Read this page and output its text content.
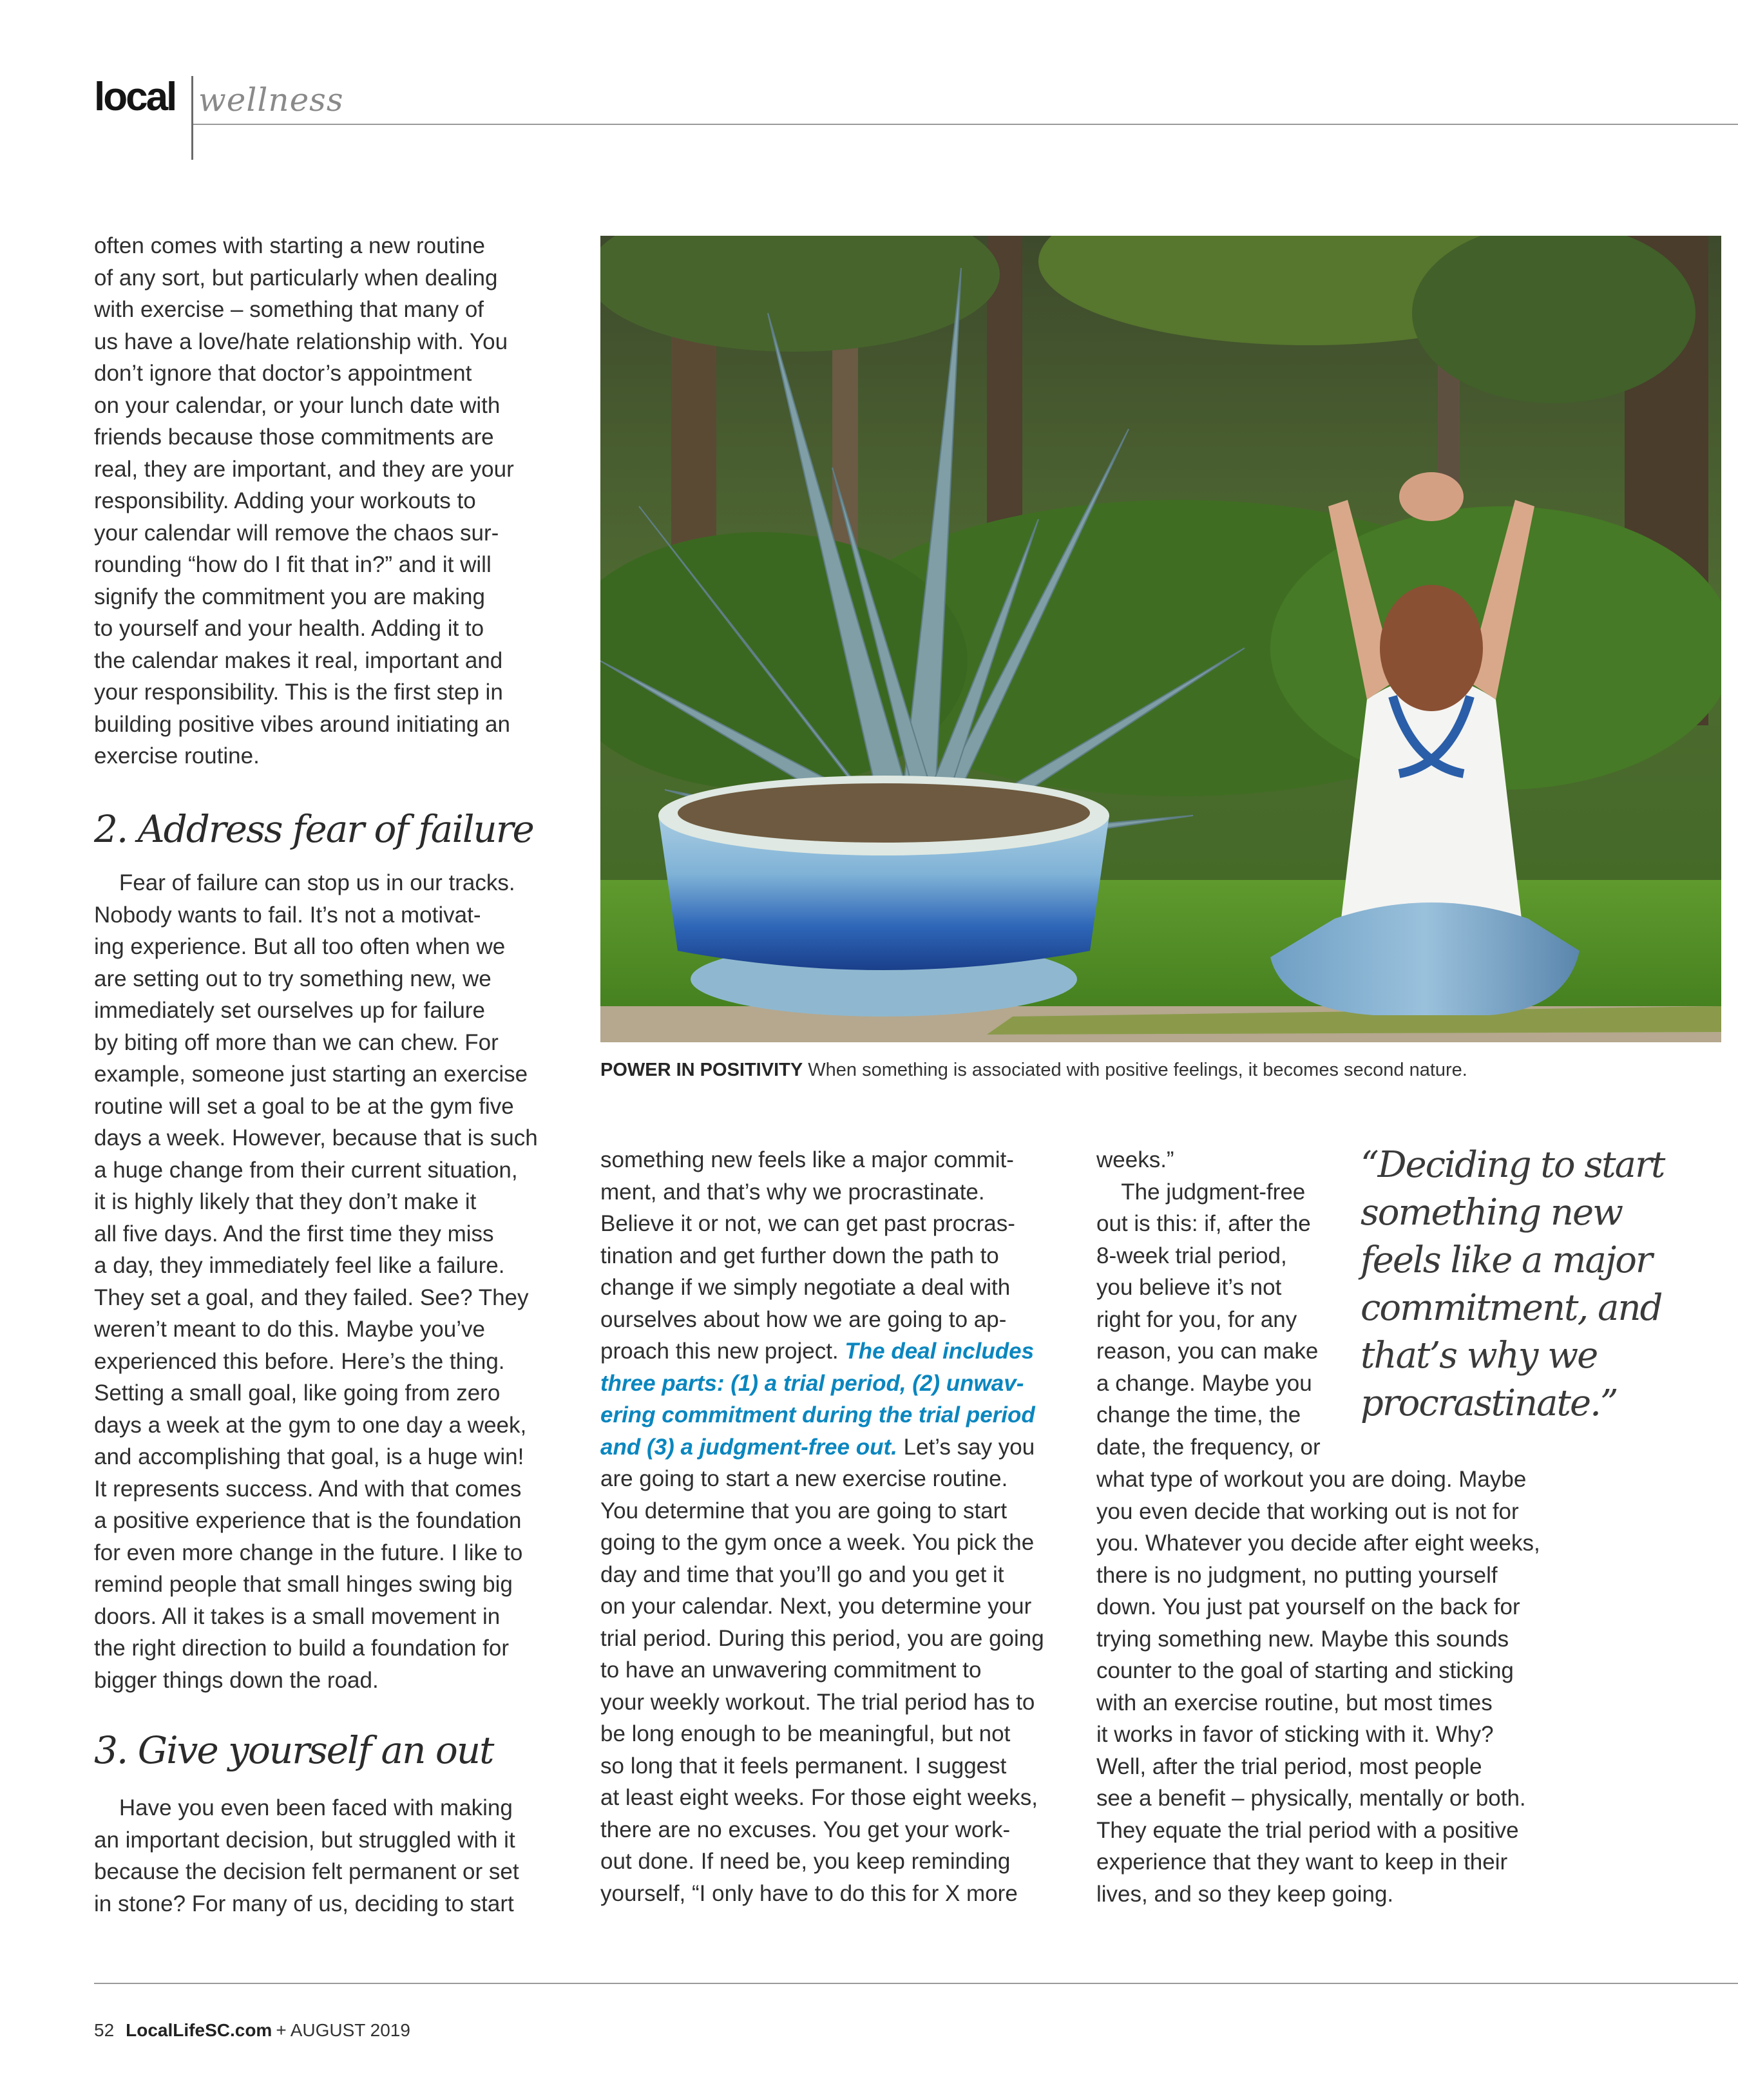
local wellness
often comes with starting a new routine
of any sort, but particularly when dealing
with exercise – something that many of
us have a love/hate relationship with. You
don’t ignore that doctor’s appointment
on your calendar, or your lunch date with
friends because those commitments are
real, they are important, and they are your
responsibility. Adding your workouts to
your calendar will remove the chaos sur-
rounding “how do I fit that in?” and it will
signify the commitment you are making
to yourself and your health. Adding it to
the calendar makes it real, important and
your responsibility. This is the first step in
building positive vibes around initiating an
exercise routine.
2. Address fear of failure
Fear of failure can stop us in our tracks.
Nobody wants to fail. It’s not a motivat-
ing experience. But all too often when we
are setting out to try something new, we
immediately set ourselves up for failure
by biting off more than we can chew. For
example, someone just starting an exercise
routine will set a goal to be at the gym five
days a week. However, because that is such
a huge change from their current situation,
it is highly likely that they don’t make it
all five days. And the first time they miss
a day, they immediately feel like a failure.
They set a goal, and they failed. See? They
weren’t meant to do this. Maybe you’ve
experienced this before. Here’s the thing.
Setting a small goal, like going from zero
days a week at the gym to one day a week,
and accomplishing that goal, is a huge win!
It represents success. And with that comes
a positive experience that is the foundation
for even more change in the future. I like to
remind people that small hinges swing big
doors. All it takes is a small movement in
the right direction to build a foundation for
bigger things down the road.
3. Give yourself an out
Have you even been faced with making
an important decision, but struggled with it
because the decision felt permanent or set
in stone? For many of us, deciding to start
POWER IN POSITIVITY When something is associated with positive feelings, it becomes second nature.
something new feels like a major commit-
ment, and that’s why we procrastinate.
Believe it or not, we can get past procras-
tination and get further down the path to
change if we simply negotiate a deal with
ourselves about how we are going to ap-
proach this new project. The deal includes
three parts: (1) a trial period, (2) unwav-
ering commitment during the trial period
and (3) a judgment-free out. Let’s say you
are going to start a new exercise routine.
You determine that you are going to start
going to the gym once a week. You pick the
day and time that you’ll go and you get it
on your calendar. Next, you determine your
trial period. During this period, you are going
to have an unwavering commitment to
your weekly workout. The trial period has to
be long enough to be meaningful, but not
so long that it feels permanent. I suggest
at least eight weeks. For those eight weeks,
there are no excuses. You get your work-
out done. If need be, you keep reminding
yourself, “I only have to do this for X more
weeks.”
The judgment-free
out is this: if, after the
8-week trial period,
you believe it’s not
right for you, for any
reason, you can make
a change. Maybe you
change the time, the
date, the frequency, or
“Deciding to start
something new
feels like a major
commitment, and
that’s why we
procrastinate.”
what type of workout you are doing. Maybe
you even decide that working out is not for
you. Whatever you decide after eight weeks,
there is no judgment, no putting yourself
down. You just pat yourself on the back for
trying something new. Maybe this sounds
counter to the goal of starting and sticking
with an exercise routine, but most times
it works in favor of sticking with it. Why?
Well, after the trial period, most people
see a benefit – physically, mentally or both.
They equate the trial period with a positive
experience that they want to keep in their
lives, and so they keep going.
52 LocalLifeSC.com + AUGUST 2019
